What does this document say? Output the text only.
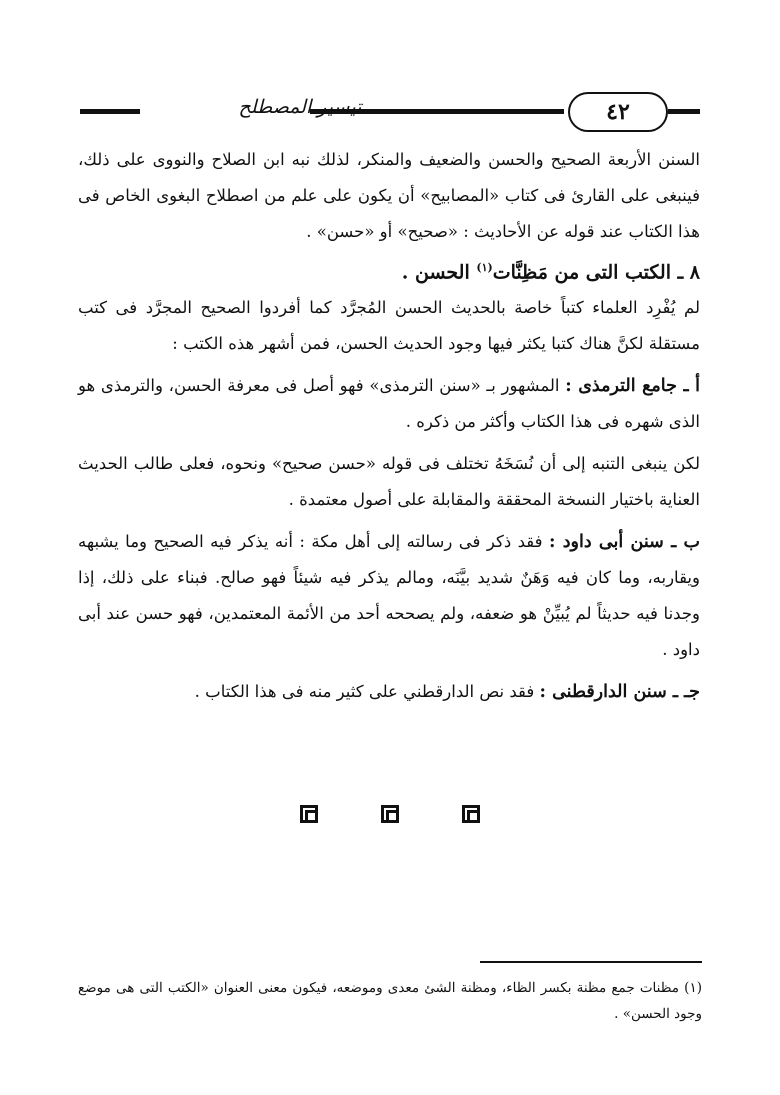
٤٢
تيسير المصطلح

السنن الأربعة الصحيح والحسن والضعيف والمنكر، لذلك نبه ابن الصلاح والنووى على ذلك، فينبغى على القارئ فى كتاب «المصابيح» أن يكون على علم من اصطلاح البغوى الخاص فى هذا الكتاب عند قوله عن الأحاديث : «صحيح» أو «حسن» .

٨ ـ الكتب التى من مَظِنَّات$^{(١)}$ الحسن .

لم يُفْرِد العلماء كتباً خاصة بالحديث الحسن المُجرَّد كما أفردوا الصحيح المجرَّد فى كتب مستقلة لكنَّ هناك كتبا يكثر فيها وجود الحديث الحسن، فمن أشهر هذه الكتب :

أ ـ جامع الترمذى : المشهور بـ «سنن الترمذى» فهو أصل فى معرفة الحسن، والترمذى هو الذى شهره فى هذا الكتاب وأكثر من ذكره .

لكن ينبغى التنبه إلى أن نُسَخَهُ تختلف فى قوله «حسن صحيح» ونحوه، فعلى طالب الحديث العناية باختيار النسخة المحققة والمقابلة على أصول معتمدة .

ب ـ سنن أبى داود : فقد ذكر فى رسالته إلى أهل مكة : أنه يذكر فيه الصحيح وما يشبهه ويقاربه، وما كان فيه وَهَنٌ شديد بيَّنَه، ومالم يذكر فيه شيئاً فهو صالح. فبناء على ذلك، إذا وجدنا فيه حديثاً لم يُبيِّنْ هو ضعفه، ولم يصححه أحد من الأئمة المعتمدين، فهو حسن عند أبى داود .

جـ ـ سنن الدارقطنى : فقد نص الدارقطني على كثير منه فى هذا الكتاب .

(١) مظنات جمع مظنة بكسر الظاء، ومظنة الشئ معدى وموضعه، فيكون معنى العنوان «الكتب التى هى موضع وجود الحسن» .
